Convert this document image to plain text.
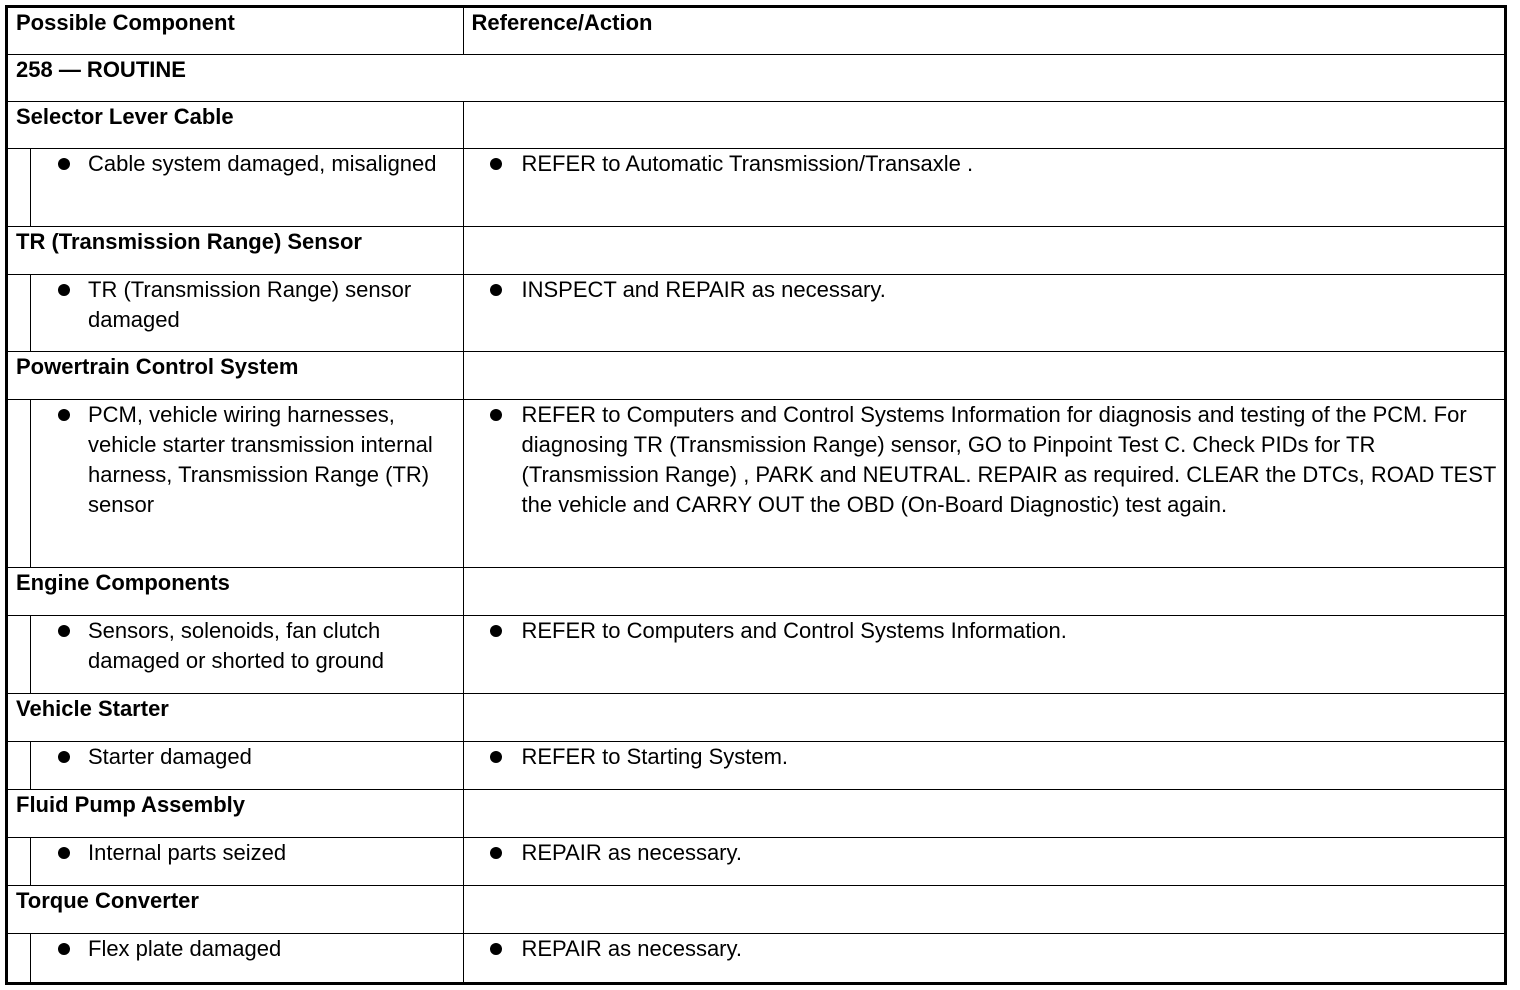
Possible Component	Reference/Action

258 — ROUTINE	

Selector Lever Cable	

Cable system damaged, misaligned	REFER to Automatic Transmission/Transaxle .

TR (Transmission Range) Sensor	

TR (Transmission Range) sensor damaged	INSPECT and REPAIR as necessary.

Powertrain Control System	

PCM, vehicle wiring harnesses, vehicle starter transmission internal harness, Transmission Range (TR) sensor	REFER to Computers and Control Systems Information for diagnosis and testing of the PCM. For diagnosing TR (Transmission Range) sensor, GO to Pinpoint Test C. Check PIDs for TR (Transmission Range) , PARK and NEUTRAL. REPAIR as required. CLEAR the DTCs, ROAD TEST the vehicle and CARRY OUT the OBD (On-Board Diagnostic) test again.

Engine Components	

Sensors, solenoids, fan clutch damaged or shorted to ground	REFER to Computers and Control Systems Information.

Vehicle Starter	

Starter damaged	REFER to Starting System.

Fluid Pump Assembly	

Internal parts seized	REPAIR as necessary.

Torque Converter	

Flex plate damaged	REPAIR as necessary.
